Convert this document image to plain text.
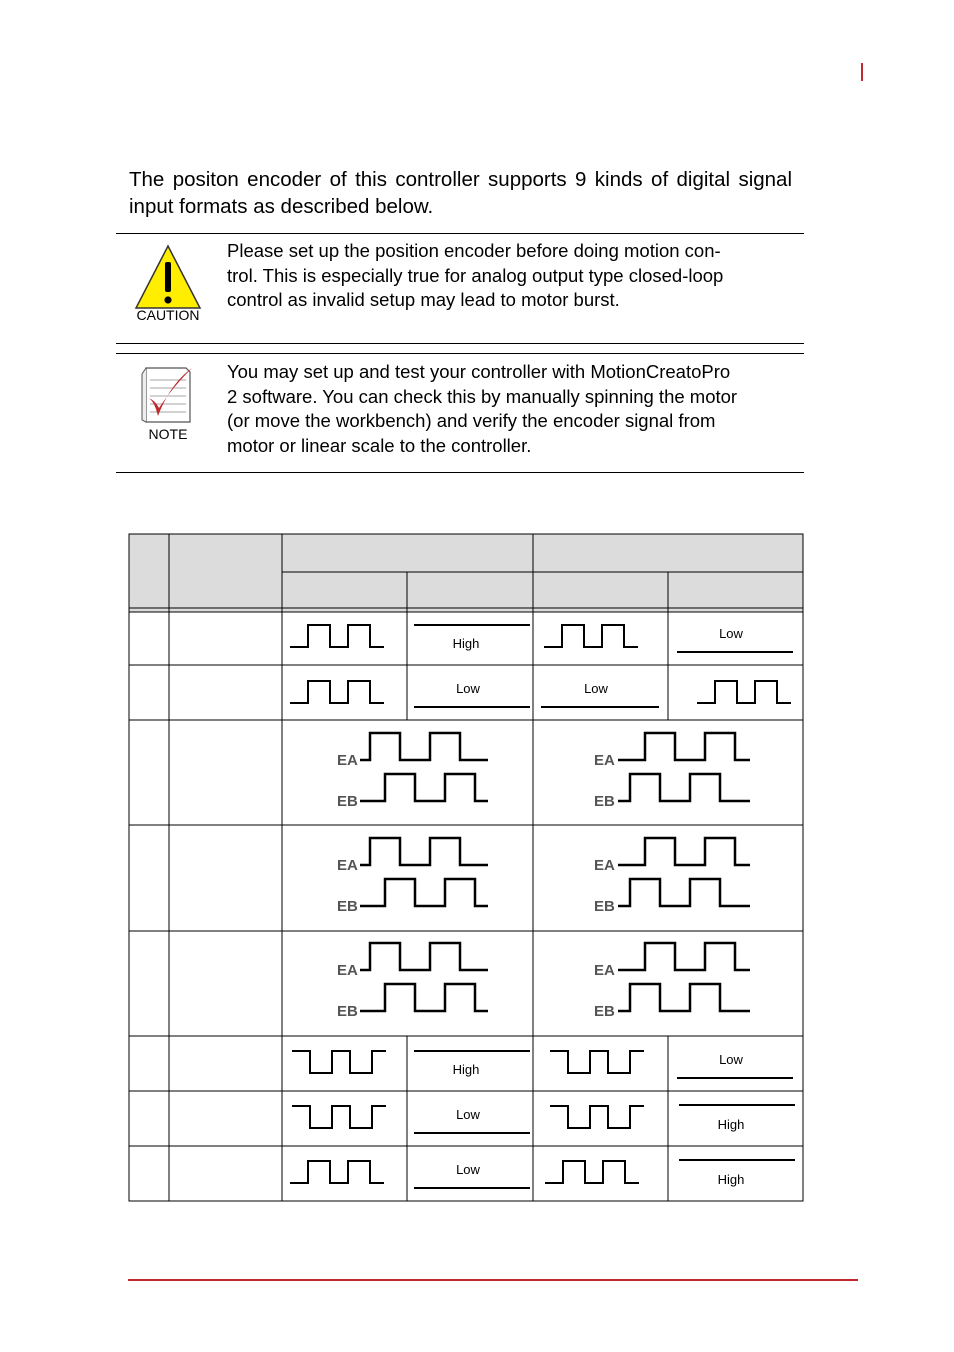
The positon encoder of this controller supports 9 kinds of digital signal input formats as described below.
CAUTION
Please set up the position encoder before doing motion con-
trol. This is especially true for analog output type closed-loop
control as invalid setup may lead to motor burst.
NOTE
You may set up and test your controller with MotionCreatoPro
2 software. You can check this by manually spinning the motor
(or move the workbench) and verify the encoder signal from
motor or linear scale to the controller.
High
Low
Low	Low
EA
EB
EA
EB
EA
EB
EA
EB
EA
EB
EA
EB
High
Low
Low
High
Low
High
